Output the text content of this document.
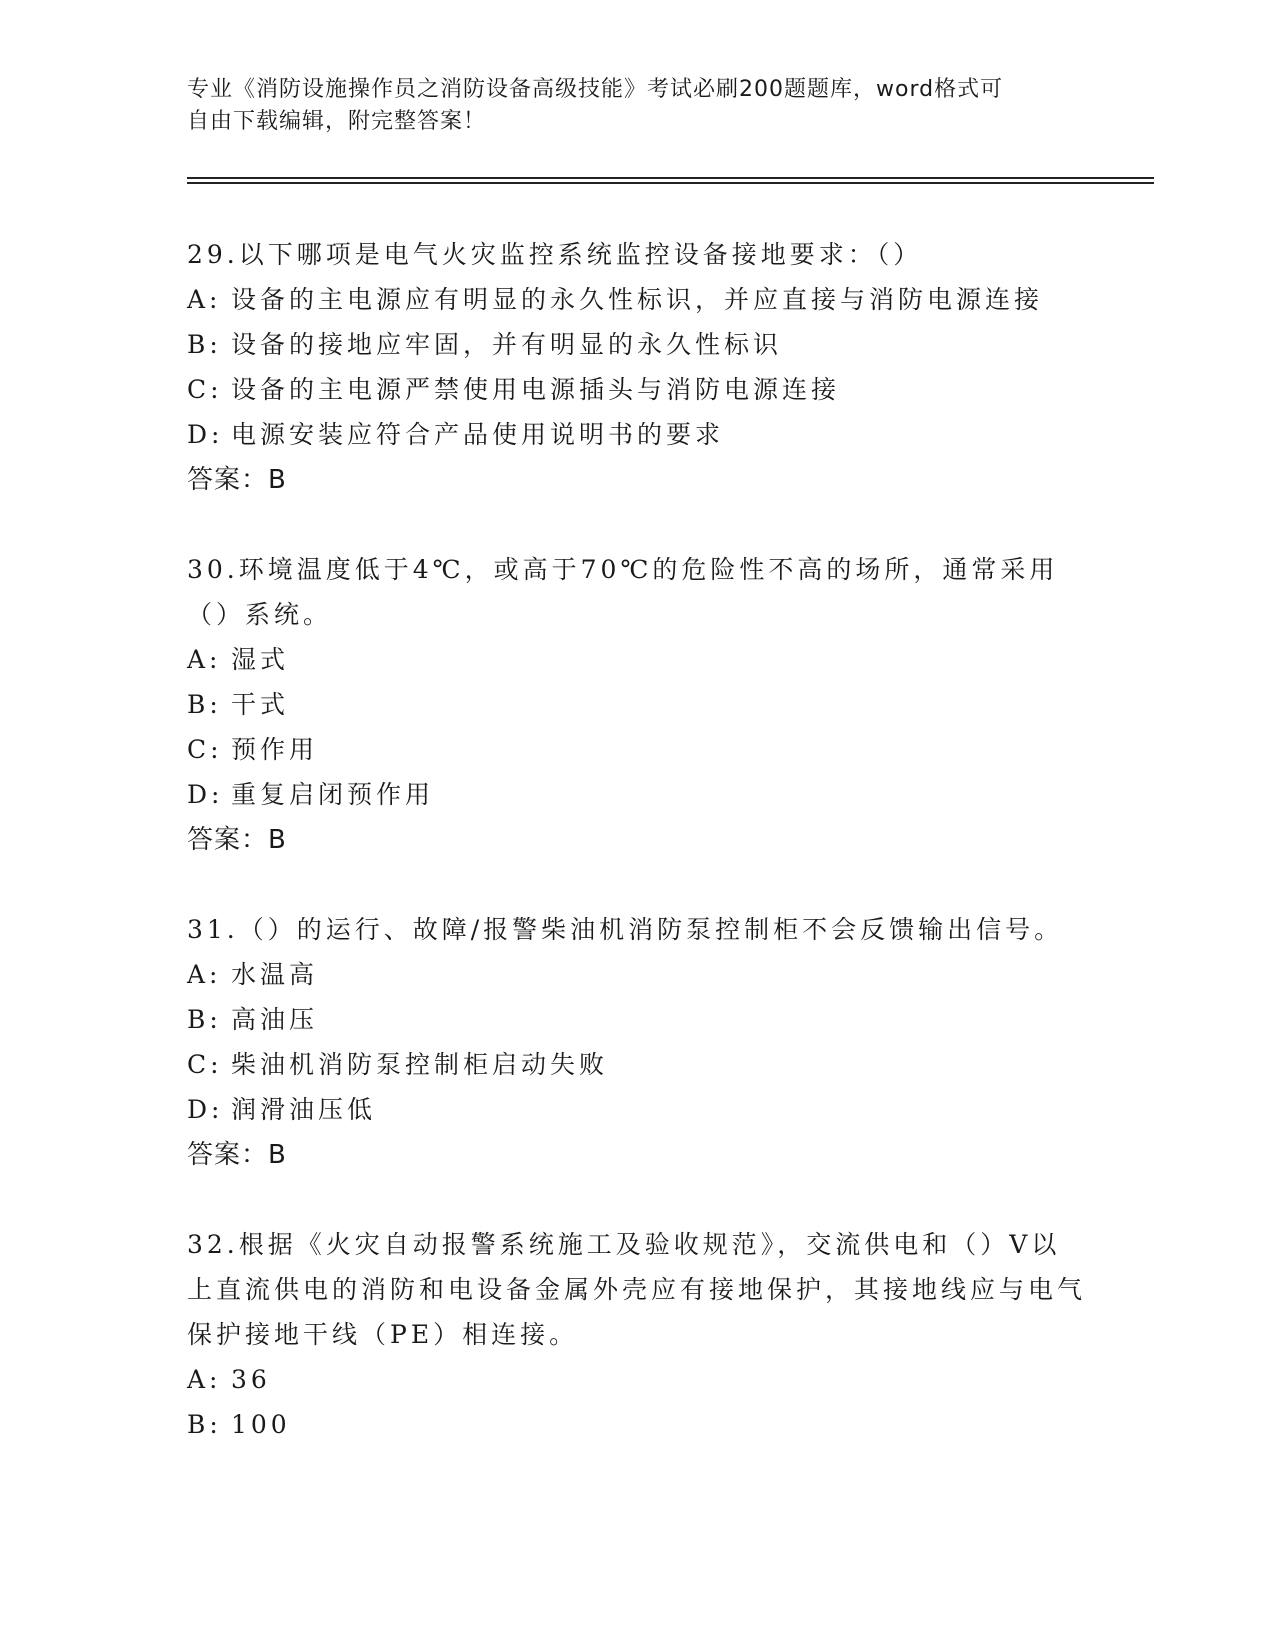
专业《消防设施操作员之消防设备高级技能》考试必刷200题题库，word格式可
自由下载编辑，附完整答案！

29.以下哪项是电气火灾监控系统监控设备接地要求：（）

A: 设备的主电源应有明显的永久性标识，并应直接与消防电源连接

B: 设备的接地应牢固，并有明显的永久性标识

C: 设备的主电源严禁使用电源插头与消防电源连接

D: 电源安装应符合产品使用说明书的要求

答案：B

30.环境温度低于4℃，或高于70℃的危险性不高的场所，通常采用（）系统。

A: 湿式

B: 干式

C: 预作用

D: 重复启闭预作用

答案：B

31.（）的运行、故障/报警柴油机消防泵控制柜不会反馈输出信号。

A: 水温高

B: 高油压

C: 柴油机消防泵控制柜启动失败

D: 润滑油压低

答案：B

32.根据《火灾自动报警系统施工及验收规范》，交流供电和（）V以上直流供电的消防和电设备金属外壳应有接地保护，其接地线应与电气保护接地干线（PE）相连接。

A: 36

B: 100
